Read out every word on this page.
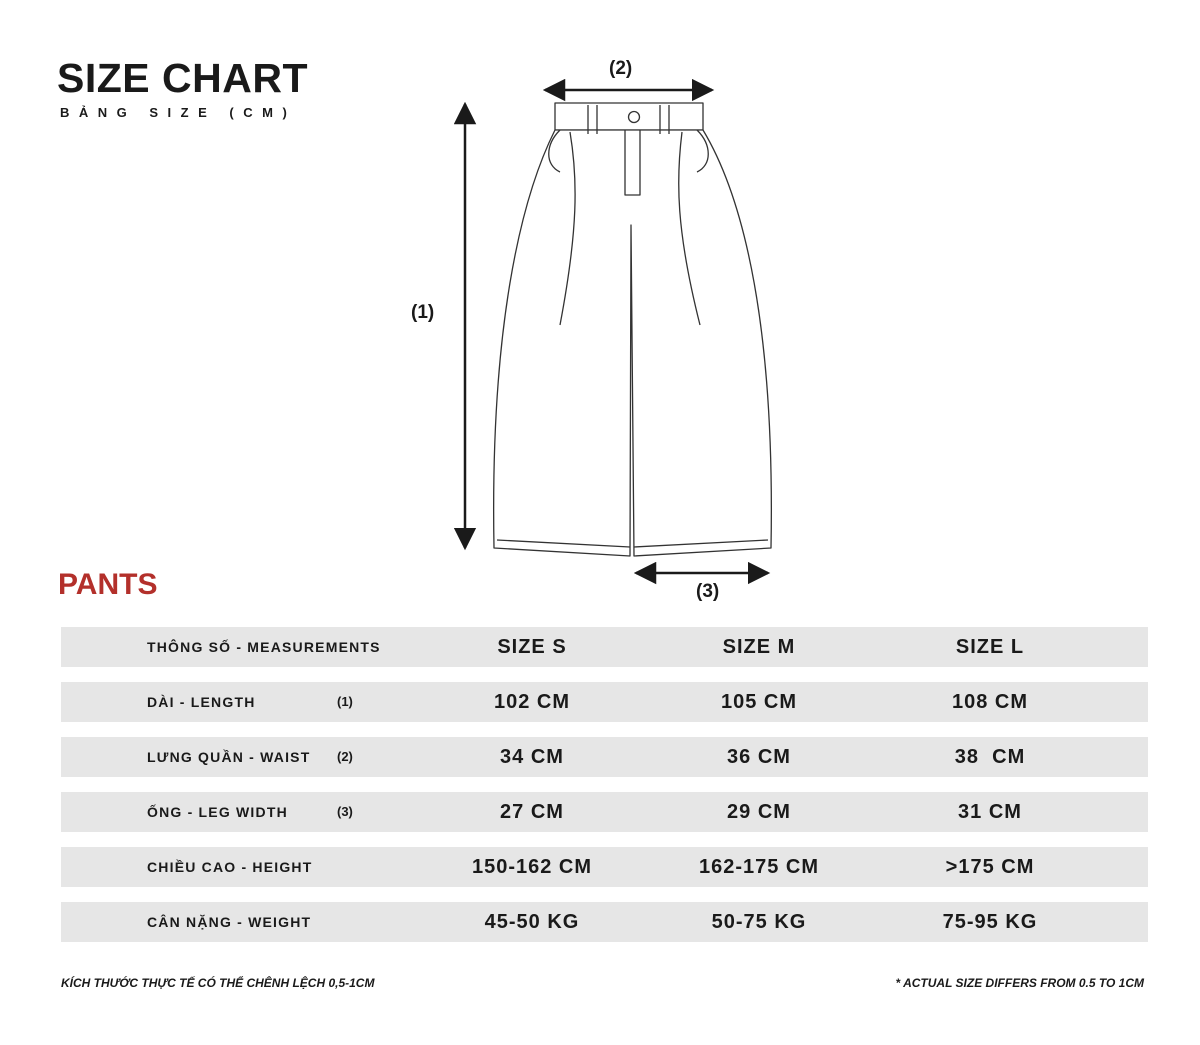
SIZE CHART
BẢNG SIZE (CM)
(2)
(1)
(3)
PANTS
THÔNG SỐ - MEASUREMENTS	SIZE S	SIZE M	SIZE L
DÀI - LENGTH	(1)	102 CM	105 CM	108 CM
LƯNG QUẦN - WAIST (2)	34 CM	36 CM	38  CM
ỐNG - LEG WIDTH	(3)	27 CM	29 CM	31 CM
CHIỀU CAO - HEIGHT	150-162 CM	162-175 CM	>175 CM
CÂN NẶNG - WEIGHT	45-50 KG	50-75 KG	75-95 KG
KÍCH THƯỚC THỰC TẾ CÓ THỂ CHÊNH LỆCH 0,5-1CM	* ACTUAL SIZE DIFFERS FROM 0.5 TO 1CM
